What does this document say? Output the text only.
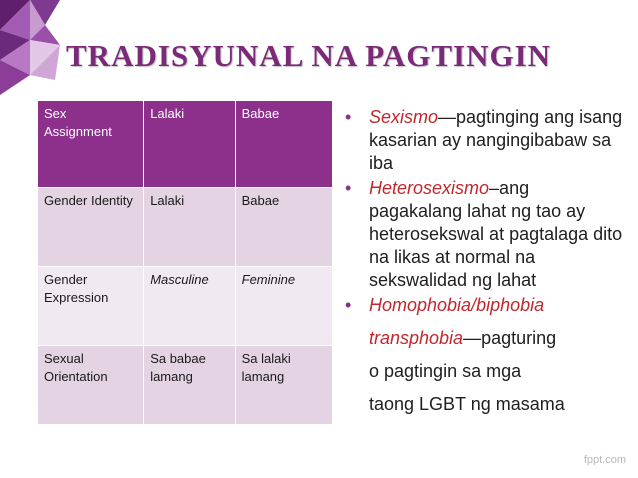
TRADISYUNAL NA PAGTINGIN
Sex Assignment	Lalaki	Babae
Gender Identity	Lalaki	Babae
Gender Expression	Masculine	Feminine
Sexual Orientation	Sa babae lamang	Sa lalaki lamang
• Sexismo—pagtinging ang isang kasarian ay nangingibabaw sa iba
• Heterosexismo–ang pagakalang lahat ng tao ay heterosekswal at pagtalaga dito na likas at normal na sekswalidad ng lahat
• Homophobia/biphobia
transphobia—pagturing
o pagtingin sa mga
taong LGBT ng masama
fppt.com
